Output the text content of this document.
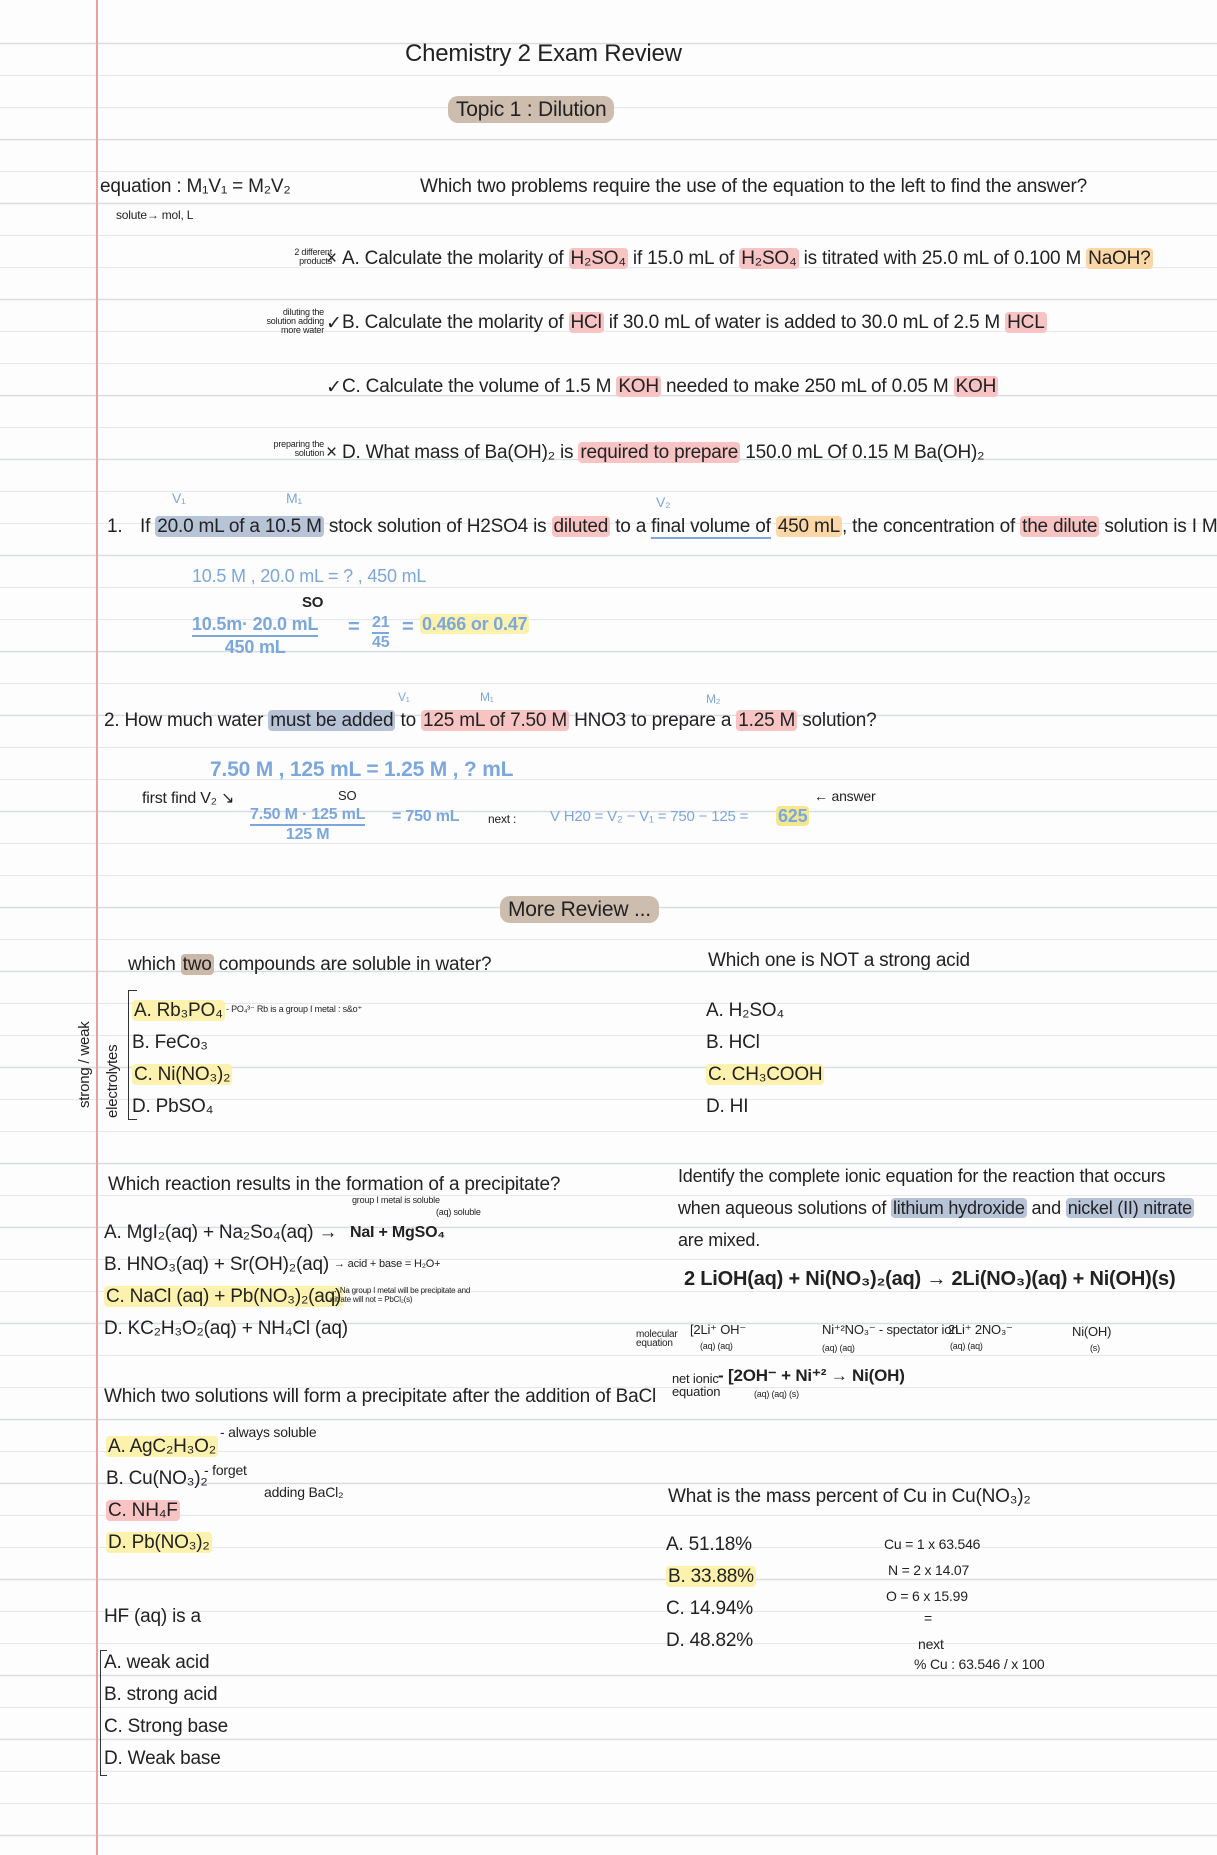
Chemistry 2 Exam Review
Topic 1 : Dilution
equation : M₁V₁ = M₂V₂
solute→ mol, L
Which two problems require the use of the equation to the left to find the answer?
2 different products
× A. Calculate the molarity of H₂SO₄ if 15.0 mL of H₂SO₄ is titrated with 25.0 mL of 0.100 M NaOH?
diluting the solution adding more water ✓ B. Calculate the molarity of HCl if 30.0 mL of water is added to 30.0 mL of 2.5 M HCL
✓ C. Calculate the volume of 1.5 M KOH needed to make 250 mL of 0.05 M KOH
preparing the solution × D. What mass of Ba(OH)₂ is required to prepare 150.0 mL Of 0.15 M Ba(OH)₂
V₁	M₁	V₂
1. If 20.0 mL of a 10.5 M stock solution of H2SO4 is diluted to a final volume of 450 mL , the concentration of the dilute solution is I M
10.5 M , 20.0 mL = ? , 450 mL
SO
10.5m· 20.0 mL
450 mL
= 21
45
= 0.466 or 0.47
V₁	M₁	M₂
2. How much water must be added to 125 mL of 7.50 M HNO3 to prepare a 1.25 M solution?
7.50 M , 125 mL = 1.25 M , ? mL
first find V₂ ↘	SO
7.50 M · 125 mL
125 M
= 750 mL next : V H20 = V₂ − V₁ = 750 − 125 = 625
← answer
More Review ...
which two compounds are soluble in water?
strong / weak electrolytes
A. Rb₃PO₄ - PO₄³⁻ Rb is a group I metal : s&o⁺
B. FeCo₃
C. Ni(NO₃)₂
D. PbSO₄
Which one is NOT a strong acid
A. H₂SO₄
B. HCl
C. CH₃COOH
D. HI
Which reaction results in the formation of a precipitate?
group I metal is soluble
(aq) soluble
A. MgI₂(aq) + Na₂So₄(aq) → NaI + MgSO₄
B. HNO₃(aq) + Sr(OH)₂(aq) → acid + base = H₂O+
C. NaCl (aq) + Pb(NO₃)₂(aq)
→ Na group I metal will be precipitate and nitrate will not = PbCl₂(s)
D. KC₂H₃O₂(aq) + NH₄Cl (aq)
Identify the complete ionic equation for the reaction that occurs
when aqueous solutions of lithium hydroxide and nickel (II) nitrate
are mixed.
2 LiOH(aq) + Ni(NO₃)₂(aq) → 2Li(NO₃)(aq) + Ni(OH)(s)
molecular equation
[2Li⁺ OH⁻
(aq) (aq)
Ni⁺²NO₃⁻ - spectator ion
(aq) (aq)
2Li⁺ 2NO₃⁻
(aq) (aq)
Ni(OH)
(s)
net ionic equation
- [2OH⁻ + Ni⁺² → Ni(OH)
(aq) (aq) (s)
Which two solutions will form a precipitate after the addition of BaCl
A. AgC₂H₃O₂
- always soluble
B. Cu(NO₃)₂
- forget
C. NH₄F
D. Pb(NO₃)₂
adding BaCl₂	What is the mass percent of Cu in Cu(NO₃)₂
A. 51.18%
B. 33.88%
C. 14.94%
D. 48.82%
Cu = 1 x 63.546
N = 2 x 14.07
O = 6 x 15.99
=
next
% Cu : 63.546 / x 100
HF (aq) is a
A. weak acid
B. strong acid
C. Strong base
D. Weak base
